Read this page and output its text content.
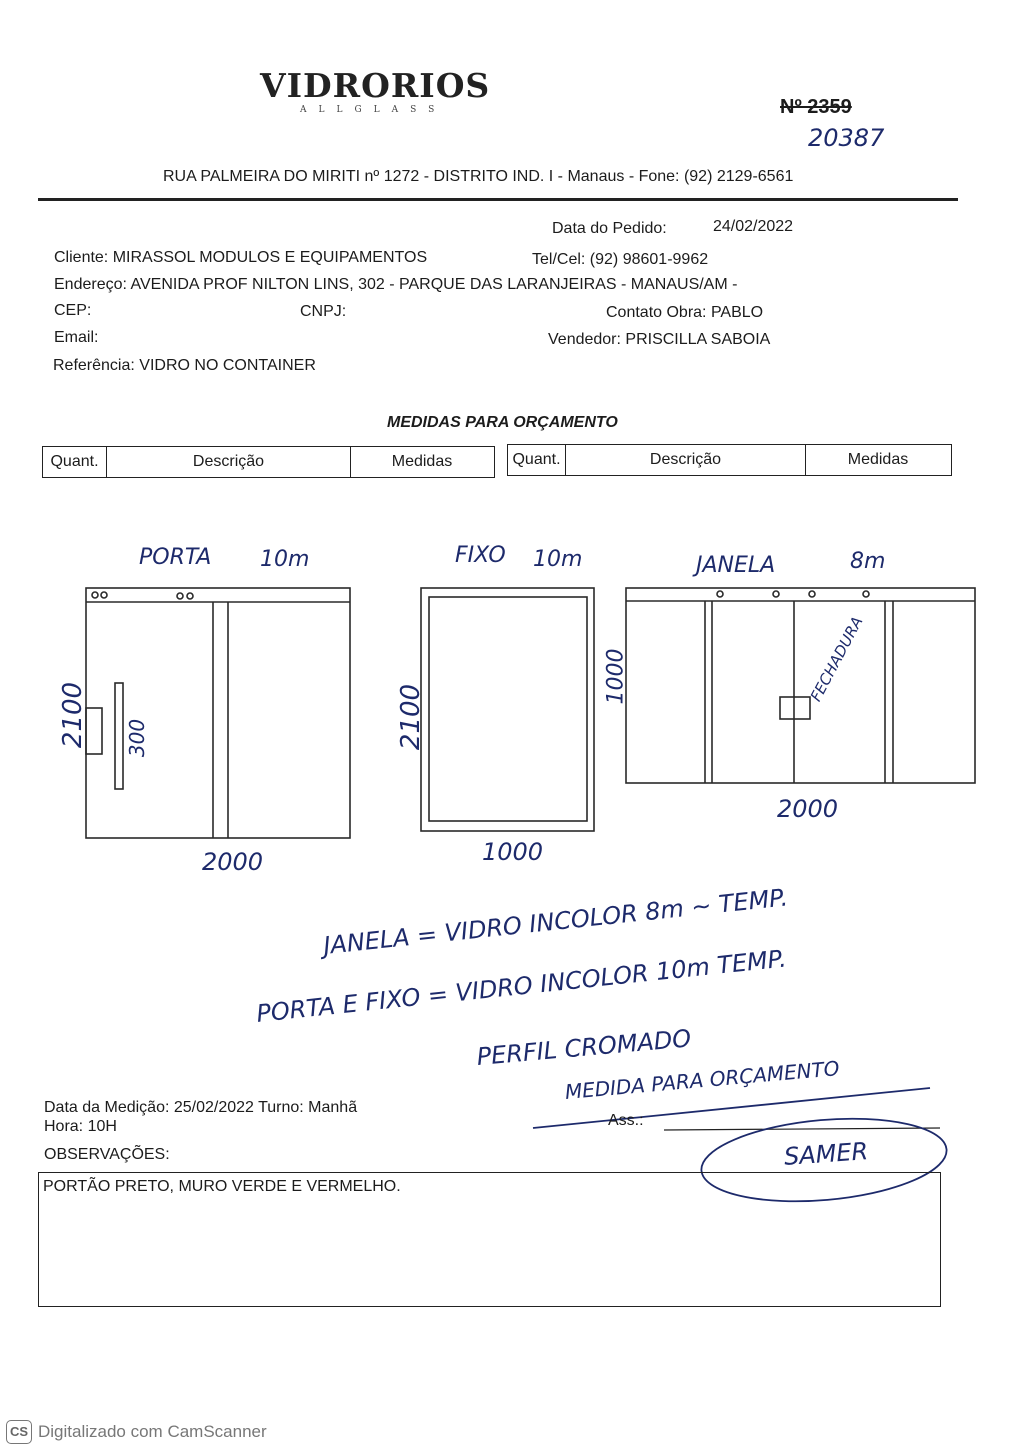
VIDRORIOS
ALLGLASS	Nº 2359
20387
RUA PALMEIRA DO MIRITI nº 1272 - DISTRITO IND. I - Manaus - Fone: (92) 2129-6561
Data do Pedido:	24/02/2022
Cliente: MIRASSOL MODULOS E EQUIPAMENTOS	Tel/Cel: (92) 98601-9962
Endereço: AVENIDA PROF NILTON LINS, 302 - PARQUE DAS LARANJEIRAS - MANAUS/AM -
CEP:	CNPJ:	Contato Obra: PABLO
Email:	Vendedor: PRISCILLA SABOIA
Referência: VIDRO NO CONTAINER
MEDIDAS PARA ORÇAMENTO
Quant.	Descrição	Medidas	Quant.	Descrição	Medidas
PORTA 10m
2100 300
2000
FIXO 10m
2100
1000
JANELA	8m
1000	FECHADURA
2000
JANELA = VIDRO INCOLOR 8m ~ TEMP.
PORTA E FIXO = VIDRO INCOLOR 10m TEMP.
PERFIL CROMADO
MEDIDA PARA ORÇAMENTO
Data da Medição: 25/02/2022 Turno: Manhã
Hora: 10H	Ass.:
SAMER
OBSERVAÇÕES:
PORTÃO PRETO, MURO VERDE E VERMELHO.
CS Digitalizado com CamScanner
